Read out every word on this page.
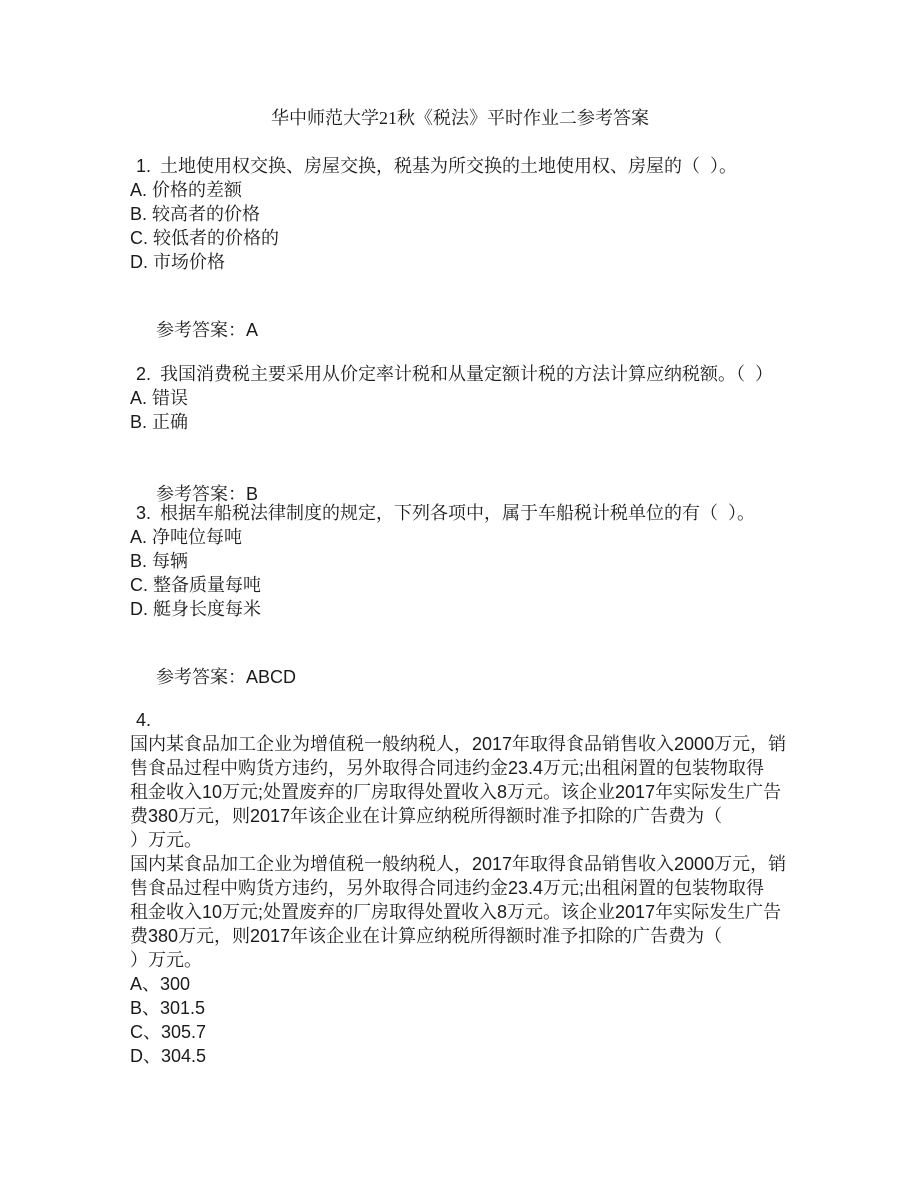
华中师范大学21秋《税法》平时作业二参考答案
1. 土地使用权交换、房屋交换，税基为所交换的土地使用权、房屋的（  ）。
A. 价格的差额
B. 较高者的价格
C. 较低者的价格的
D. 市场价格

参考答案：A

2. 我国消费税主要采用从价定率计税和从量定额计税的方法计算应纳税额。（  ）
A. 错误
B. 正确

参考答案：B

3. 根据车船税法律制度的规定，下列各项中，属于车船税计税单位的有（  ）。
A. 净吨位每吨
B. 每辆
C. 整备质量每吨
D. 艇身长度每米

参考答案：ABCD

4.
国内某食品加工企业为增值税一般纳税人，2017年取得食品销售收入2000万元，销
售食品过程中购货方违约，另外取得合同违约金23.4万元;出租闲置的包装物取得
租金收入10万元;处置废弃的厂房取得处置收入8万元。该企业2017年实际发生广告
费380万元，则2017年该企业在计算应纳税所得额时准予扣除的广告费为（
）万元。
国内某食品加工企业为增值税一般纳税人，2017年取得食品销售收入2000万元，销
售食品过程中购货方违约，另外取得合同违约金23.4万元;出租闲置的包装物取得
租金收入10万元;处置废弃的厂房取得处置收入8万元。该企业2017年实际发生广告
费380万元，则2017年该企业在计算应纳税所得额时准予扣除的广告费为（
）万元。
A、300
B、301.5
C、305.7
D、304.5
